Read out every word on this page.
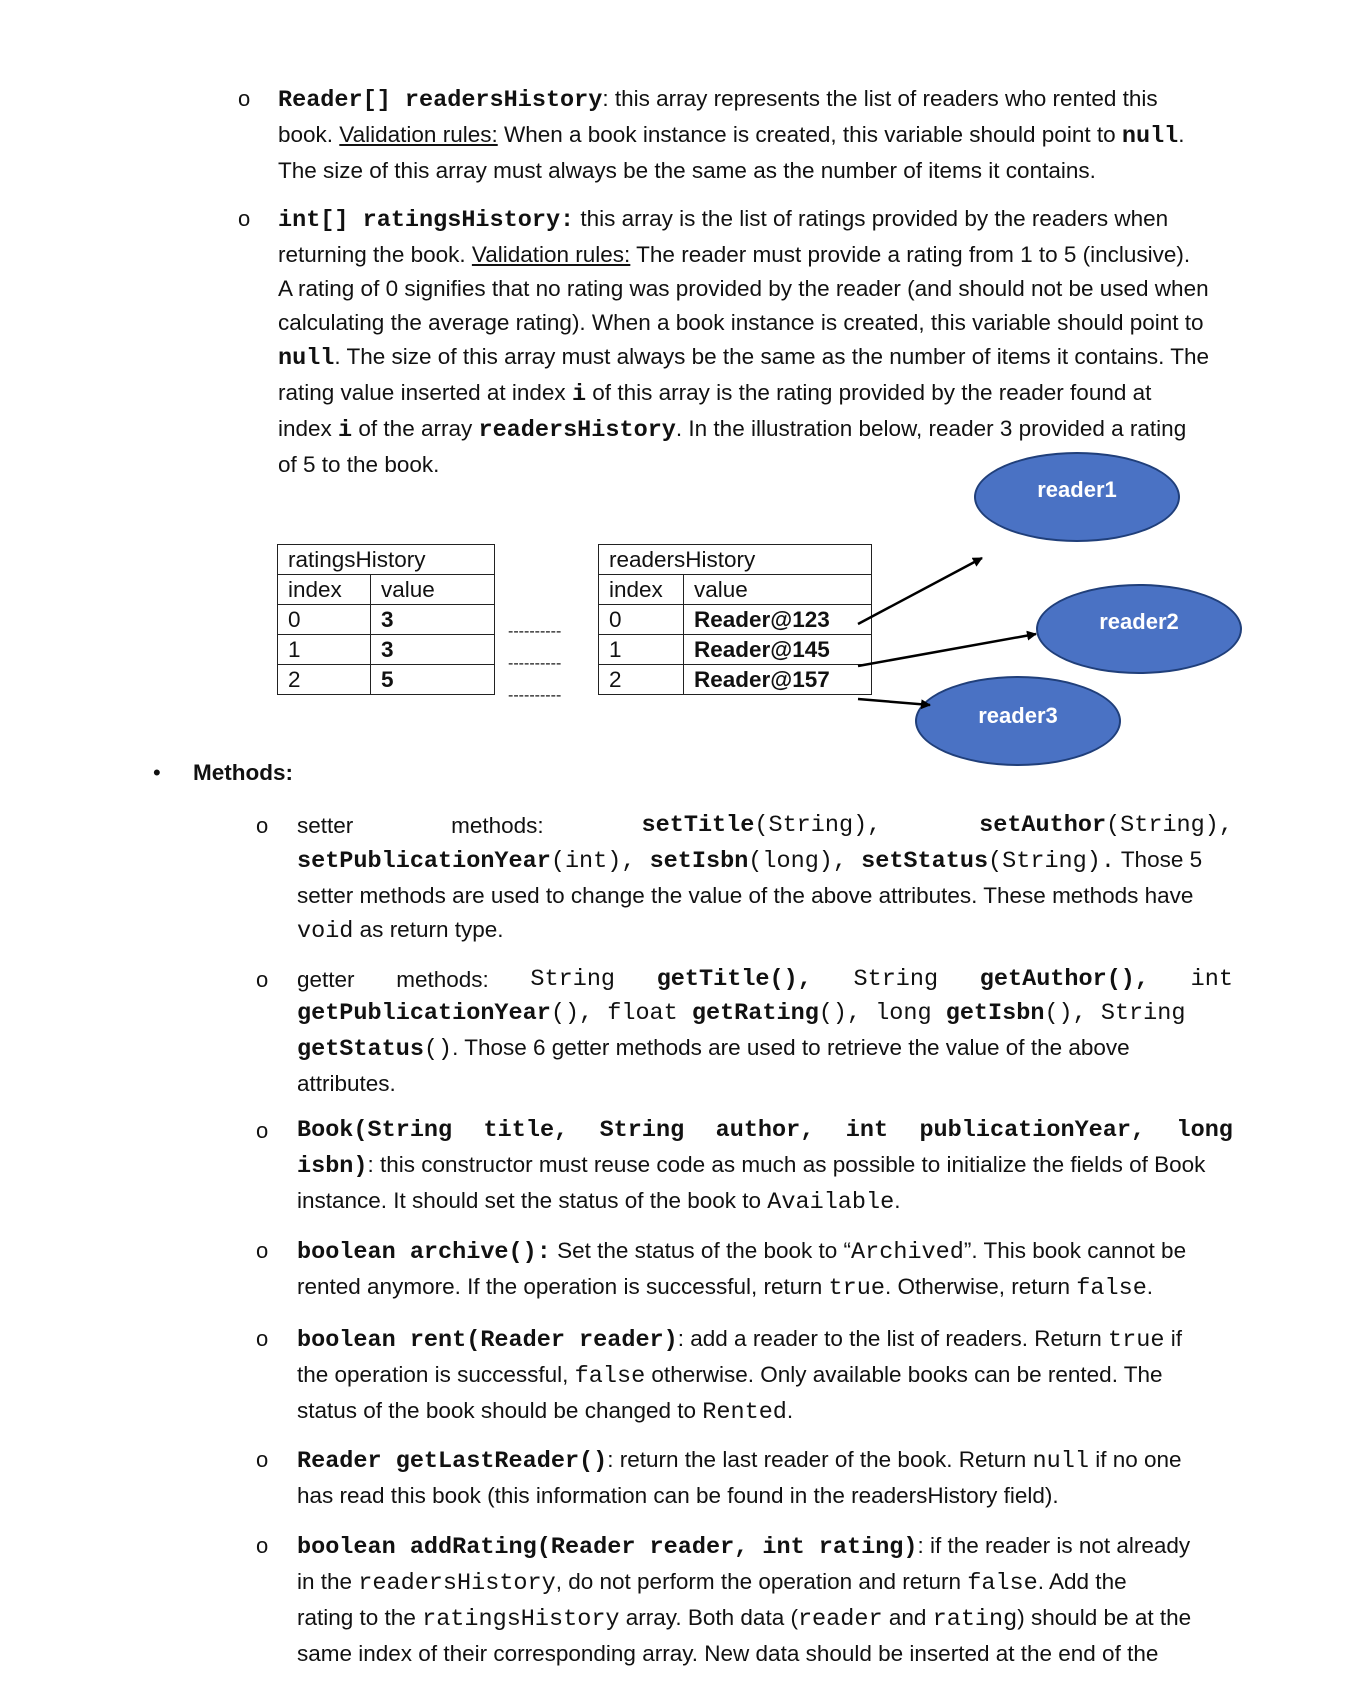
o Reader[] readersHistory: this array represents the list of readers who rented this
book. Validation rules: When a book instance is created, this variable should point to null.
The size of this array must always be the same as the number of items it contains.
o int[] ratingsHistory: this array is the list of ratings provided by the readers when
returning the book. Validation rules: The reader must provide a rating from 1 to 5 (inclusive).
A rating of 0 signifies that no rating was provided by the reader (and should not be used when
calculating the average rating). When a book instance is created, this variable should point to
null. The size of this array must always be the same as the number of items it contains. The
rating value inserted at index i of this array is the rating provided by the reader found at
index i of the array readersHistory. In the illustration below, reader 3 provided a rating
of 5 to the book.
ratingsHistory	
index	value
0	3
1	3
2	5
----------
----------
----------
readersHistory	
index	value
0	Reader@123
1	Reader@145
2	Reader@157
reader1
reader2
reader3
• Methods:
o setter	methods:	setTitle(String),	setAuthor(String),
setPublicationYear(int), setIsbn(long), setStatus(String). Those 5
setter methods are used to change the value of the above attributes. These methods have
void as return type.
o getter methods: String getTitle(), String getAuthor(), int
getPublicationYear(), float getRating(), long getIsbn(), String
getStatus(). Those 6 getter methods are used to retrieve the value of the above
attributes.
o Book(String title, String author, int publicationYear, long
isbn): this constructor must reuse code as much as possible to initialize the fields of Book
instance. It should set the status of the book to Available.
o boolean archive(): Set the status of the book to “Archived”. This book cannot be
rented anymore. If the operation is successful, return true. Otherwise, return false.
o boolean rent(Reader reader): add a reader to the list of readers. Return true if
the operation is successful, false otherwise. Only available books can be rented. The
status of the book should be changed to Rented.
o Reader getLastReader(): return the last reader of the book. Return null if no one
has read this book (this information can be found in the readersHistory field).
o boolean addRating(Reader reader, int rating): if the reader is not already
in the readersHistory, do not perform the operation and return false. Add the
rating to the ratingsHistory array. Both data (reader and rating) should be at the
same index of their corresponding array. New data should be inserted at the end of the
